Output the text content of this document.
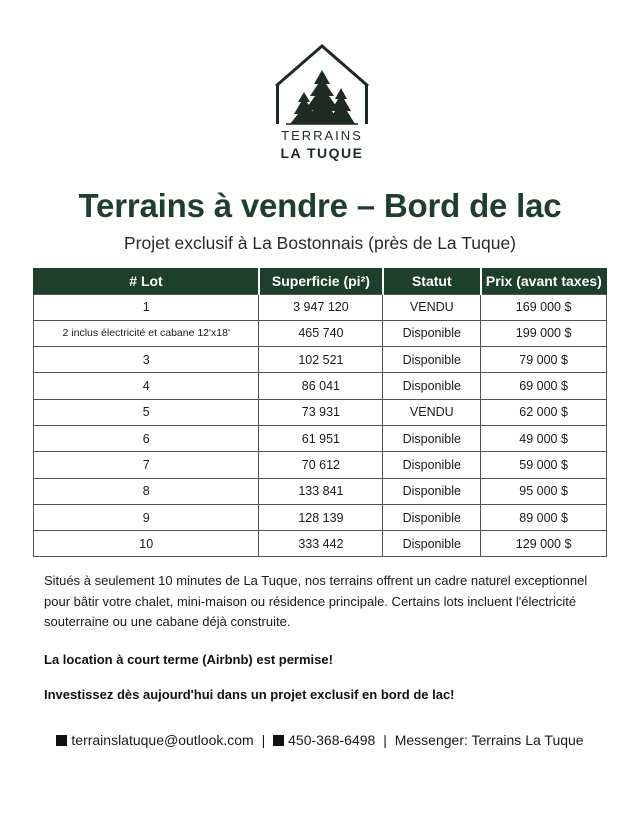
TERRAINS
LA TUQUE
Terrains à vendre – Bord de lac
Projet exclusif à La Bostonnais (près de La Tuque)
# Lot	Superficie (pi²)	Statut	Prix (avant taxes)
1	3 947 120	VENDU	169 000 $
2 inclus électricité et cabane 12'x18'	465 740	Disponible	199 000 $
3	102 521	Disponible	79 000 $
4	86 041	Disponible	69 000 $
5	73 931	VENDU	62 000 $
6	61 951	Disponible	49 000 $
7	70 612	Disponible	59 000 $
8	133 841	Disponible	95 000 $
9	128 139	Disponible	89 000 $
10	333 442	Disponible	129 000 $

Situés à seulement 10 minutes de La Tuque, nos terrains offrent un cadre naturel exceptionnel pour bâtir votre chalet, mini-maison ou résidence principale. Certains lots incluent l'électricité souterraine ou une cabane déjà construite.

La location à court terme (Airbnb) est permise!

Investissez dès aujourd'hui dans un projet exclusif en bord de lac!

terrainslatuque@outlook.com | 450-368-6498 | Messenger: Terrains La Tuque
